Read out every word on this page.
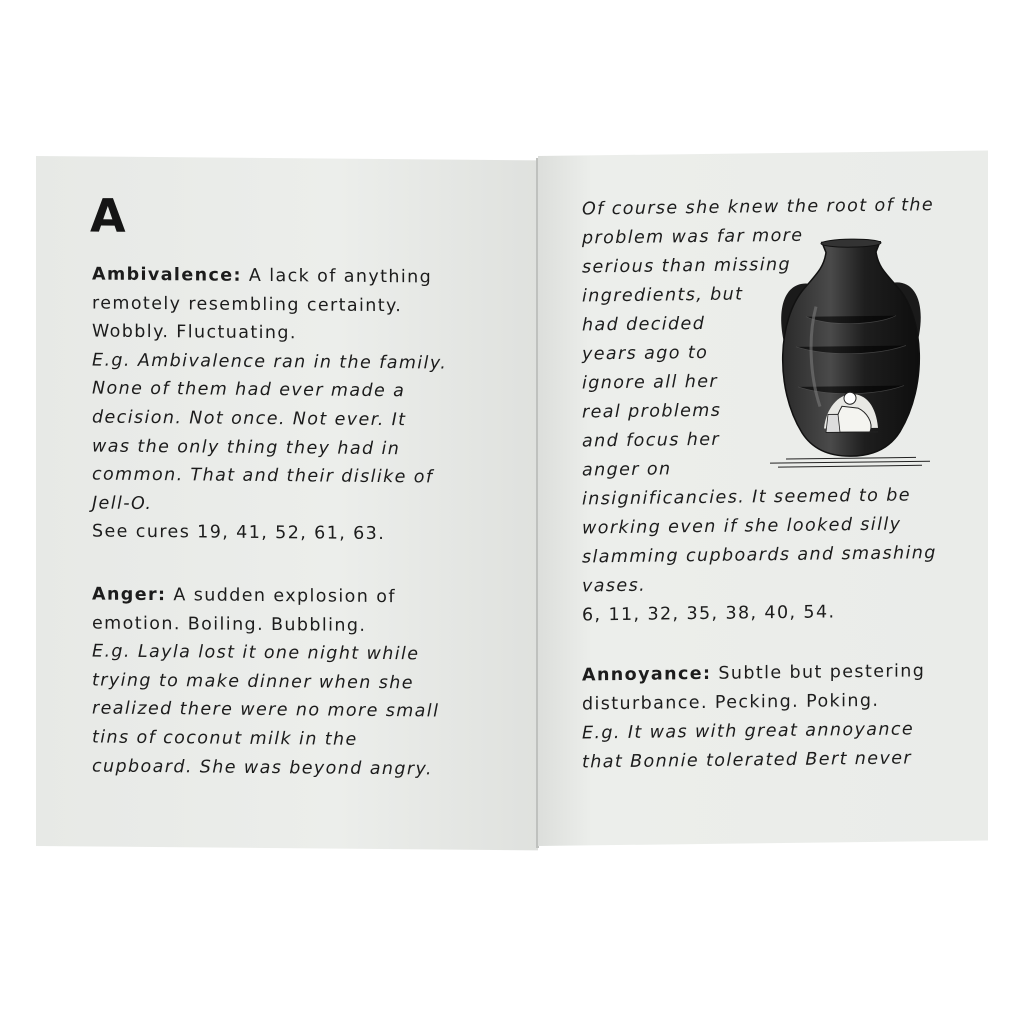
A
Ambivalence: A lack of anything
remotely resembling certainty.
Wobbly. Fluctuating.
E.g. Ambivalence ran in the family.
None of them had ever made a
decision. Not once. Not ever. It
was the only thing they had in
common. That and their dislike of
Jell-O.
See cures 19, 41, 52, 61, 63.
Anger: A sudden explosion of
emotion. Boiling. Bubbling.
E.g. Layla lost it one night while
trying to make dinner when she
realized there were no more small
tins of coconut milk in the
cupboard. She was beyond angry.
Of course she knew the root of the
problem was far more
serious than missing
ingredients, but
had decided
years ago to
ignore all her
real problems
and focus her
anger on
insignificancies. It seemed to be
working even if she looked silly
slamming cupboards and smashing
vases.
6, 11, 32, 35, 38, 40, 54.
Annoyance: Subtle but pestering
disturbance. Pecking. Poking.
E.g. It was with great annoyance
that Bonnie tolerated Bert never
